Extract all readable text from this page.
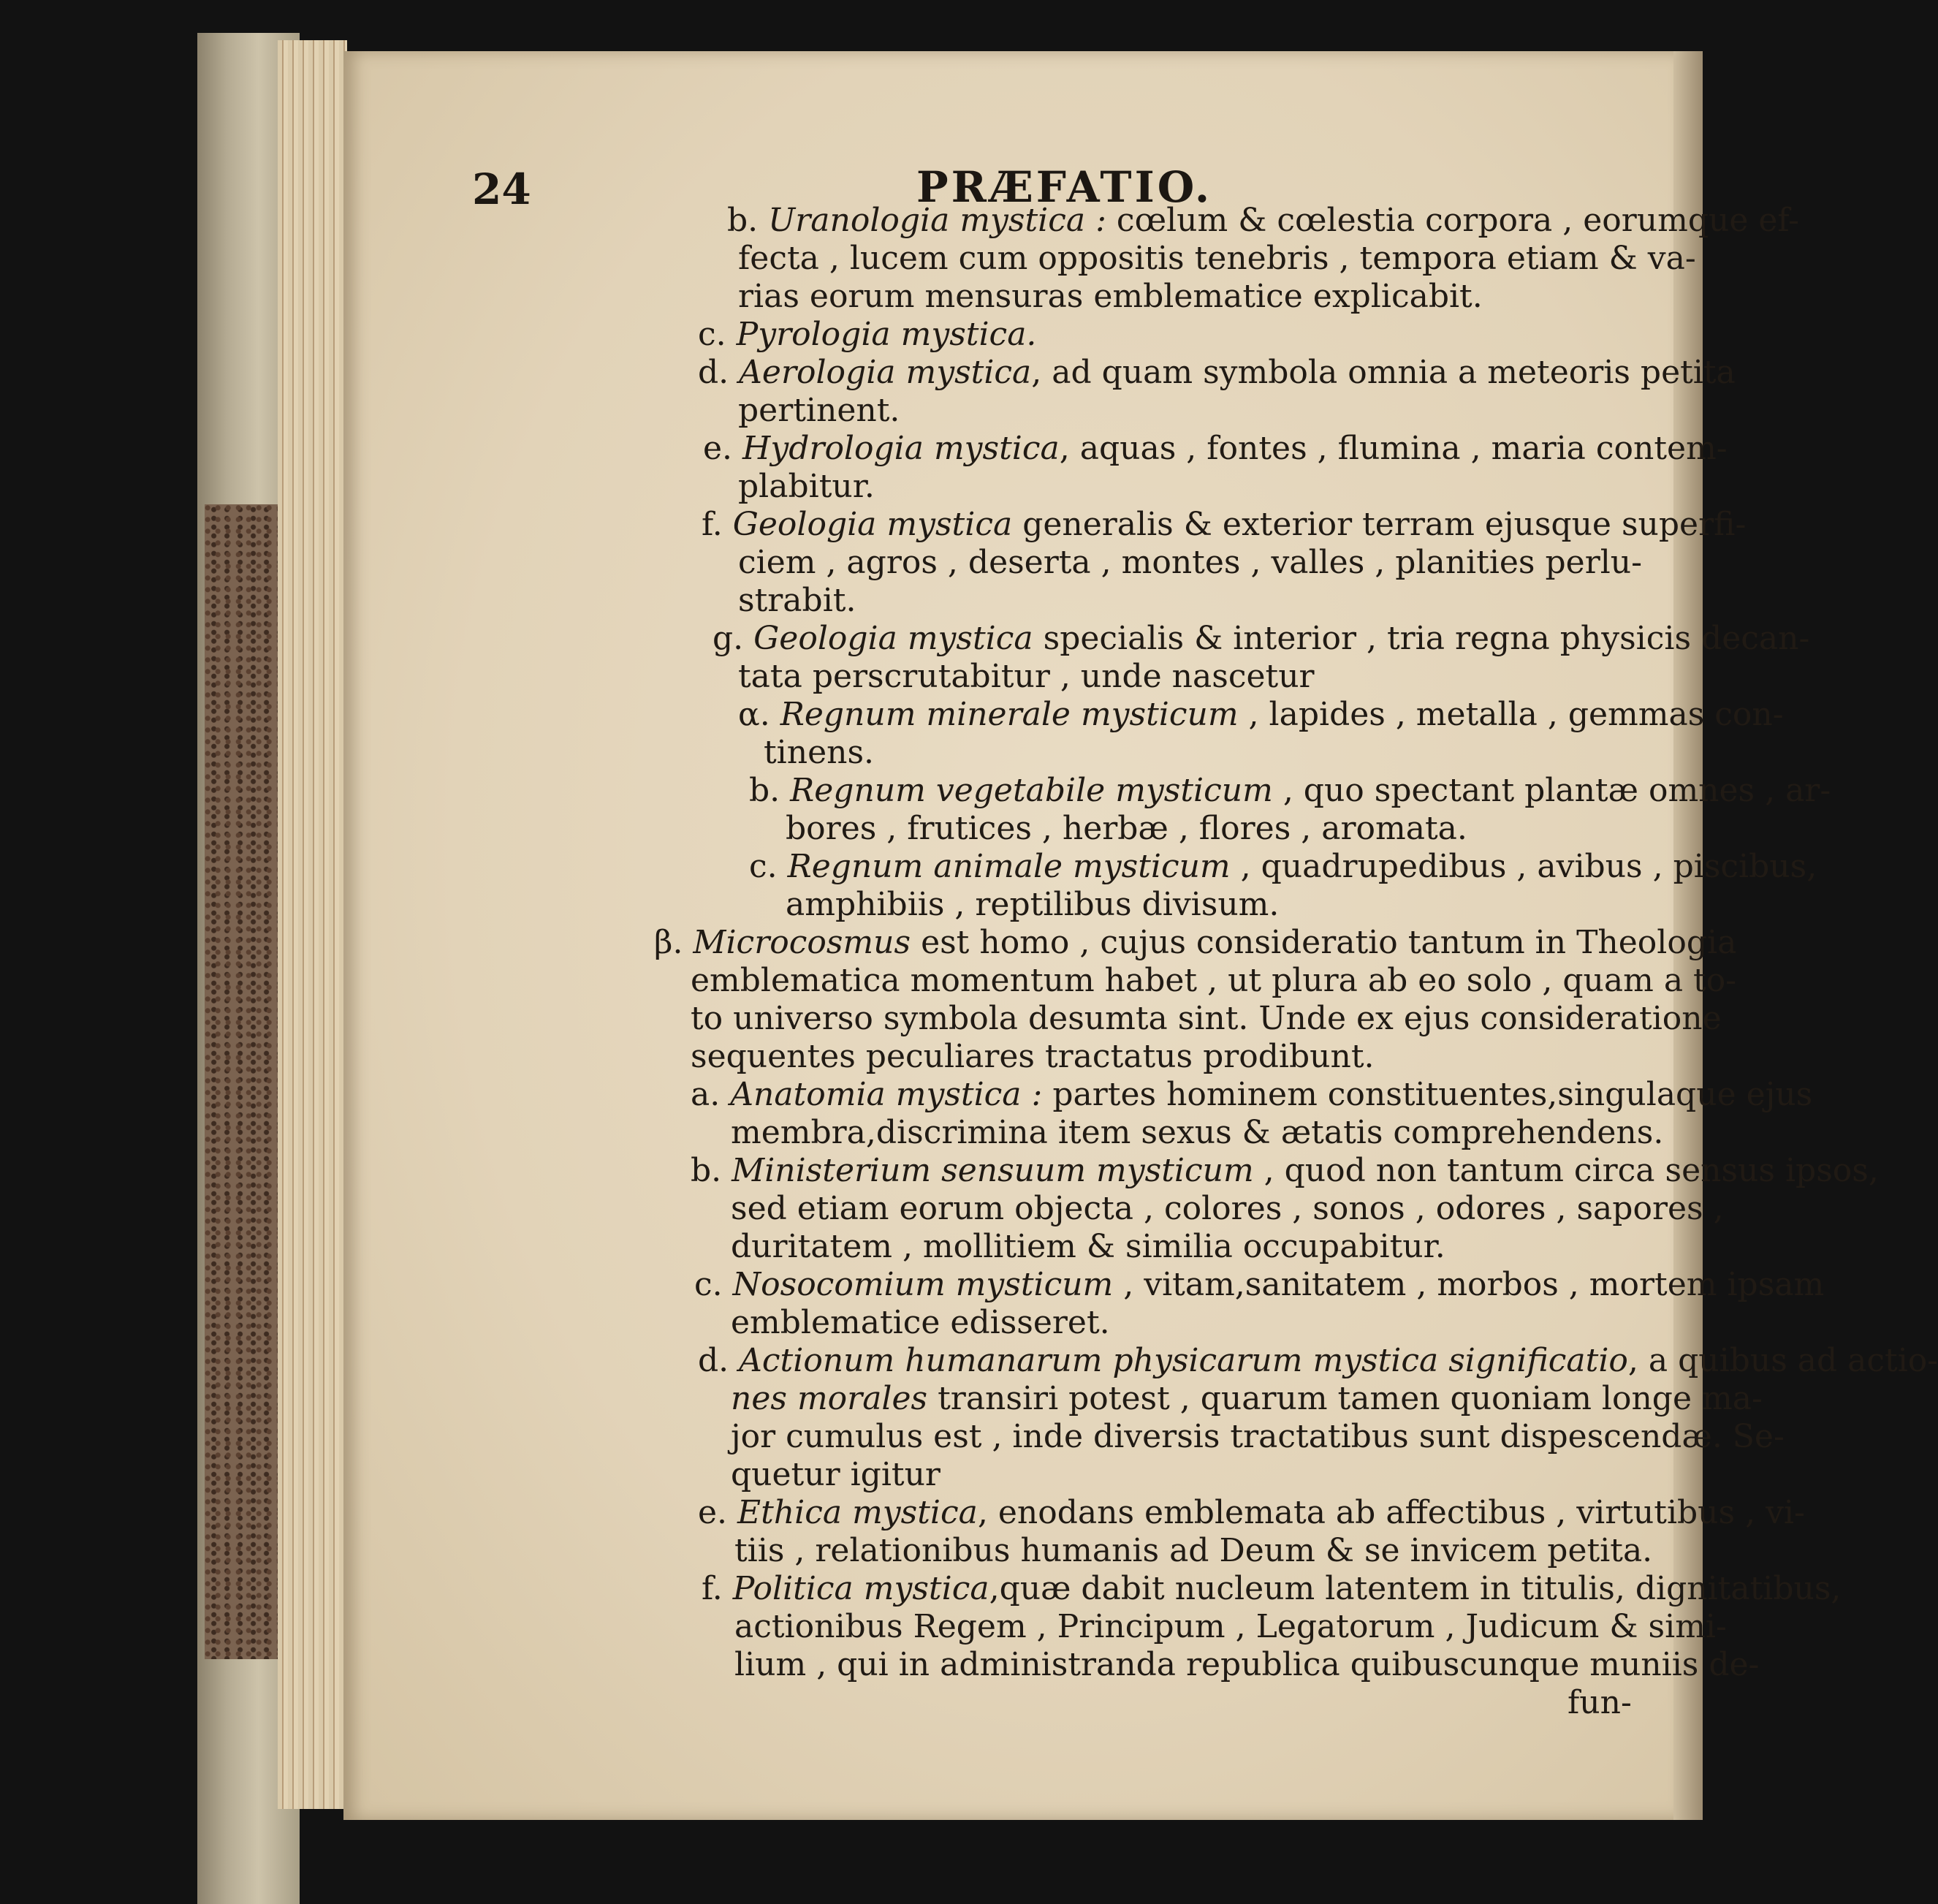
24	PRÆFATIO.
b. Uranologia mystica : cœlum & cœlestia corpora , eorumque ef-
fecta , lucem cum oppositis tenebris , tempora etiam & va-
rias eorum mensuras emblematice explicabit.
c. Pyrologia mystica.
d. Aerologia mystica, ad quam symbola omnia a meteoris petita
pertinent.
e. Hydrologia mystica, aquas , fontes , flumina , maria contem-
plabitur.
f. Geologia mystica generalis & exterior terram ejusque superfi-
ciem , agros , deserta , montes , valles , planities perlu-
strabit.
g. Geologia mystica specialis & interior , tria regna physicis decan-
tata perscrutabitur , unde nascetur
α. Regnum minerale mysticum , lapides , metalla , gemmas con-
tinens.
b. Regnum vegetabile mysticum , quo spectant plantæ omnes , ar-
bores , frutices , herbæ , flores , aromata.
c. Regnum animale mysticum , quadrupedibus , avibus , piscibus,
amphibiis , reptilibus divisum.
β. Microcosmus est homo , cujus consideratio tantum in Theologia
emblematica momentum habet , ut plura ab eo solo , quam a to-
to universo symbola desumta sint. Unde ex ejus consideratione
sequentes peculiares tractatus prodibunt.
a. Anatomia mystica : partes hominem constituentes,singulaque ejus
membra,discrimina item sexus & ætatis comprehendens.
b. Ministerium sensuum mysticum , quod non tantum circa sensus ipsos,
sed etiam eorum objecta , colores , sonos , odores , sapores ,
duritatem , mollitiem & similia occupabitur.
c. Nosocomium mysticum , vitam,sanitatem , morbos , mortem ipsam
emblematice edisseret.
d. Actionum humanarum physicarum mystica significatio, a quibus ad actio-
nes morales transiri potest , quarum tamen quoniam longe ma-
jor cumulus est , inde diversis tractatibus sunt dispescendæ. Se-
quetur igitur
e. Ethica mystica, enodans emblemata ab affectibus , virtutibus , vi-
tiis , relationibus humanis ad Deum & se invicem petita.
f. Politica mystica,quæ dabit nucleum latentem in titulis, dignitatibus,
actionibus Regem , Principum , Legatorum , Judicum & simi-
lium , qui in administranda republica quibuscunque muniis de-
fun-
